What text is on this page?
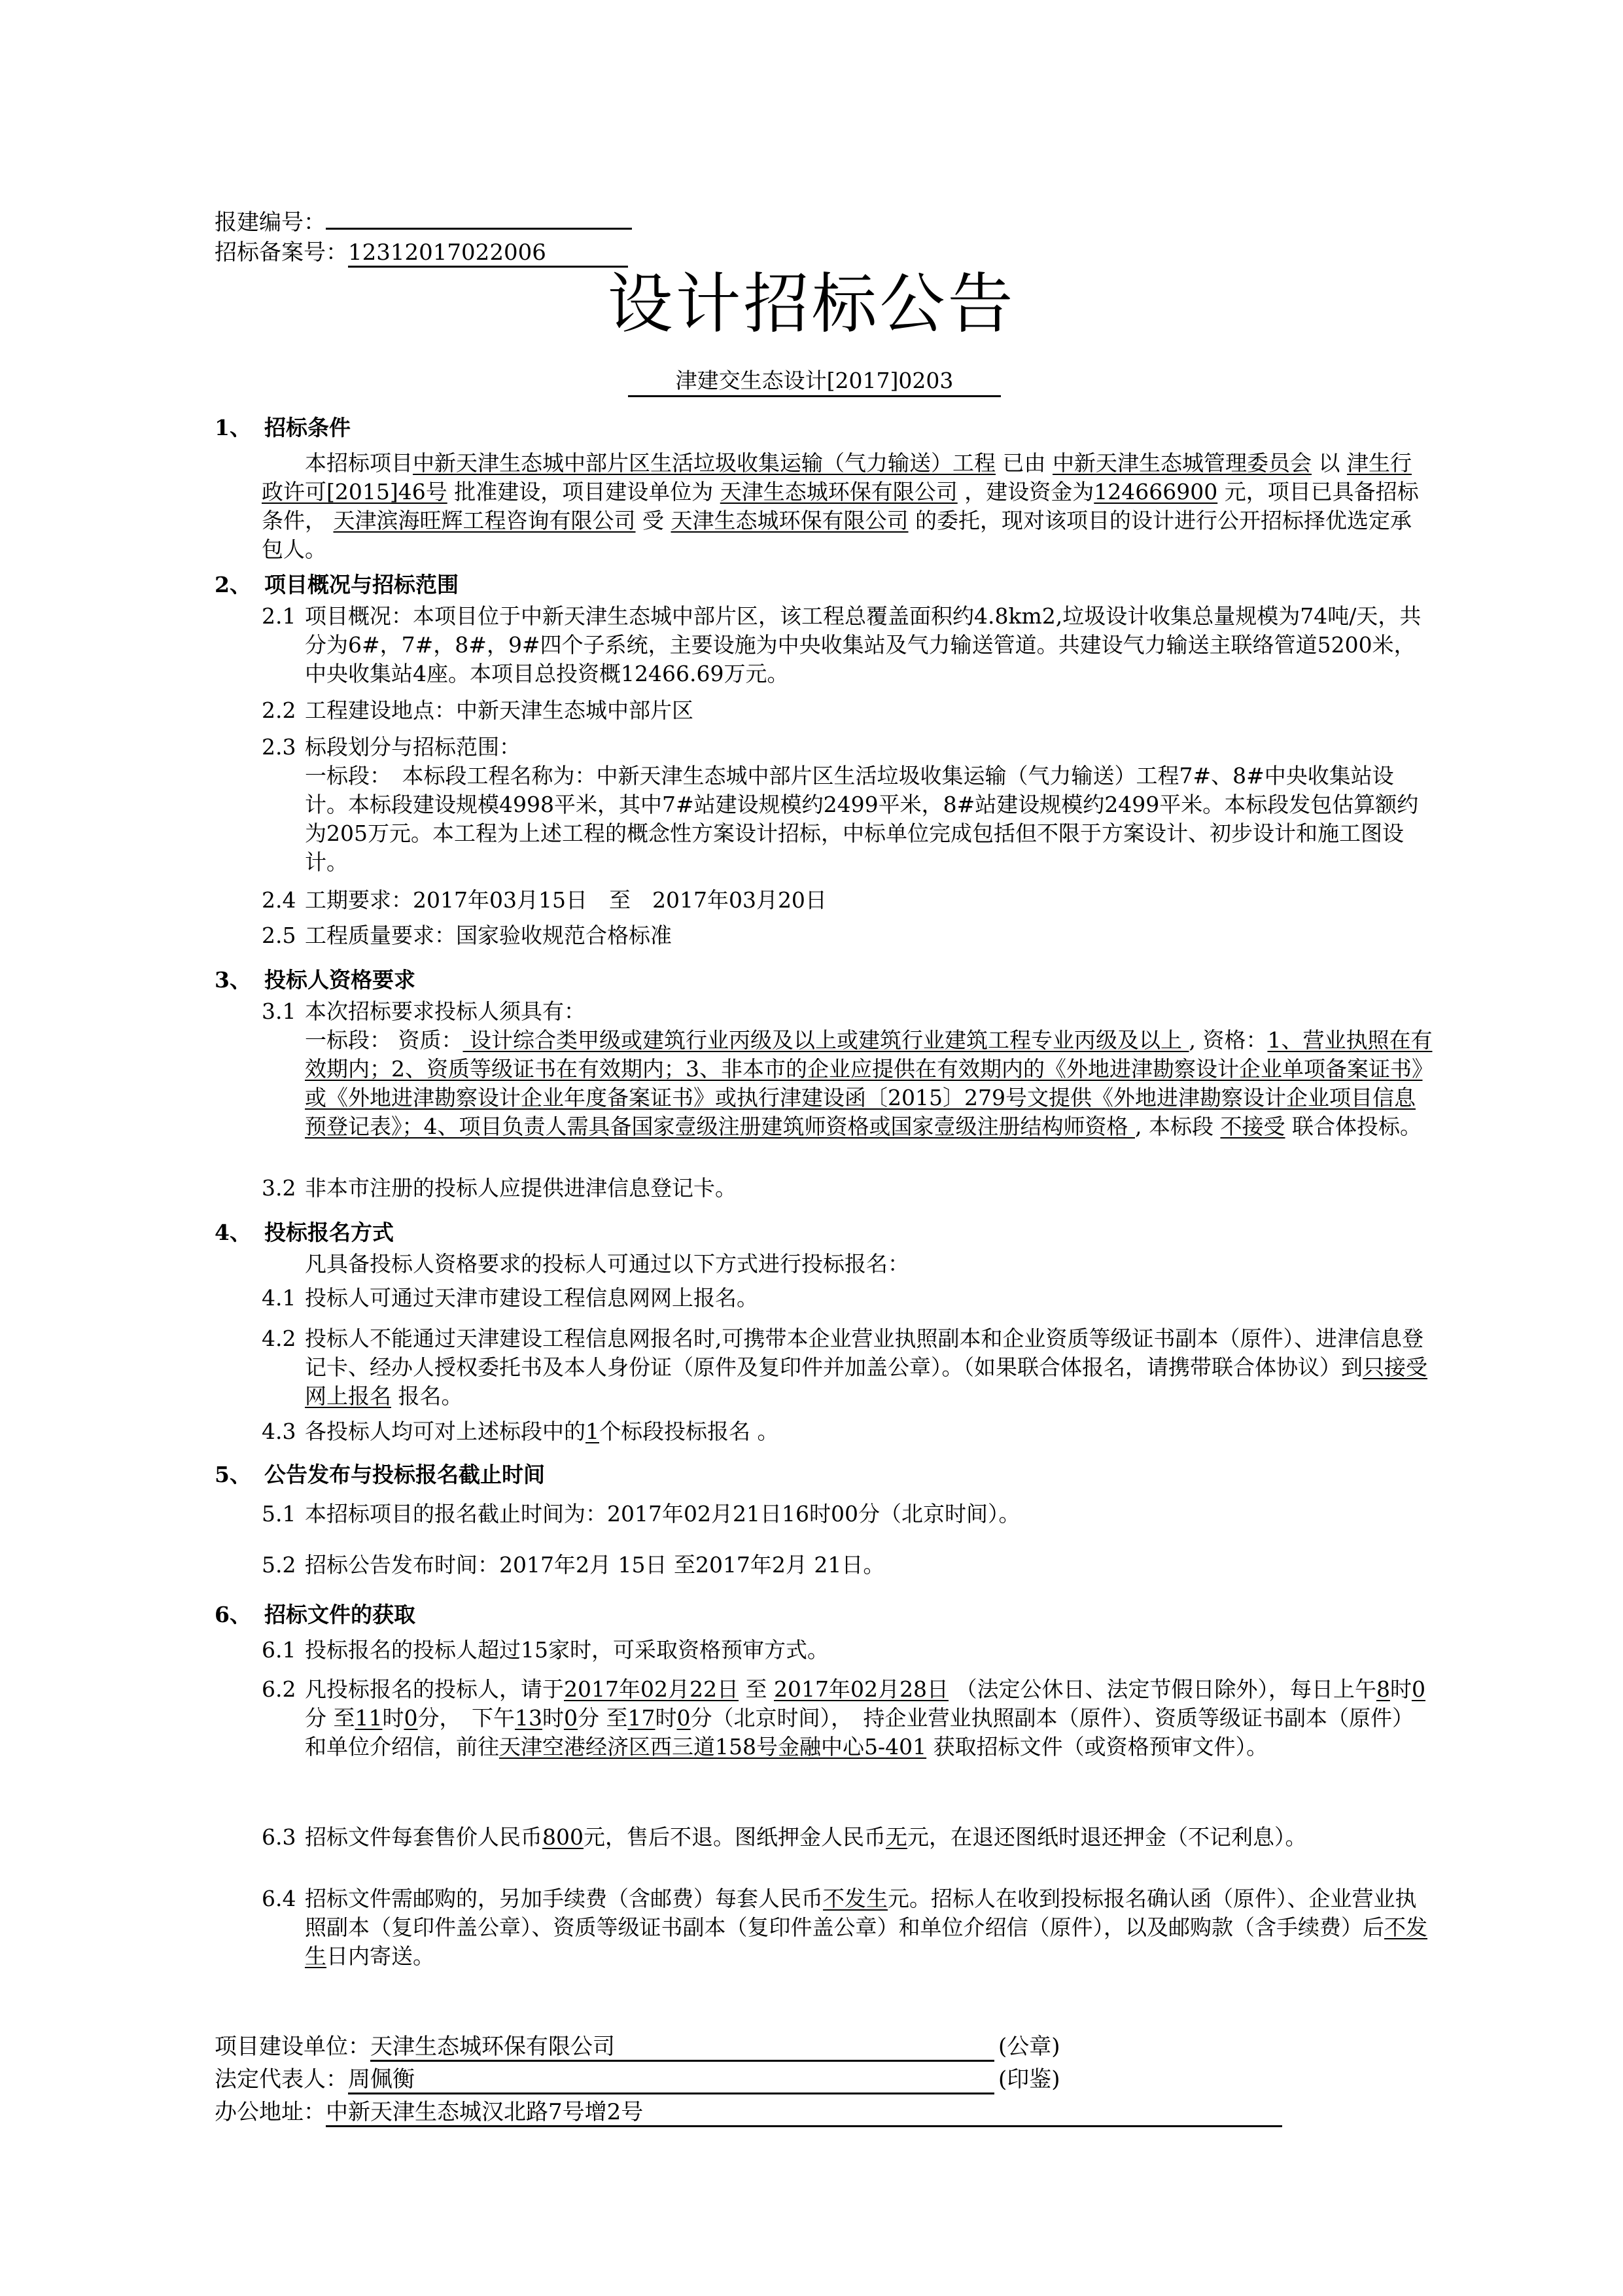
报建编号：
招标备案号：12312017022006
设计招标公告
津建交生态设计[2017]0203
1、 招标条件
本招标项目中新天津生态城中部片区生活垃圾收集运输（气力输送）工程 已由 中新天津生态城管理委员会 以 津生行政许可[2015]46号 批准建设，项目建设单位为 天津生态城环保有限公司 ，建设资金为124666900 元，项目已具备招标条件， 天津滨海旺辉工程咨询有限公司 受 天津生态城环保有限公司 的委托，现对该项目的设计进行公开招标择优选定承包人。
2、 项目概况与招标范围
2.1 项目概况：本项目位于中新天津生态城中部片区，该工程总覆盖面积约4.8km2,垃圾设计收集总量规模为74吨/天，共分为6#，7#，8#，9#四个子系统，主要设施为中央收集站及气力输送管道。共建设气力输送主联络管道5200米，中央收集站4座。本项目总投资概12466.69万元。
2.2 工程建设地点：中新天津生态城中部片区
2.3 标段划分与招标范围：
一标段：　本标段工程名称为：中新天津生态城中部片区生活垃圾收集运输（气力输送）工程7#、8#中央收集站设计。本标段建设规模4998平米，其中7#站建设规模约2499平米，8#站建设规模约2499平米。本标段发包估算额约为205万元。本工程为上述工程的概念性方案设计招标，中标单位完成包括但不限于方案设计、初步设计和施工图设计。
2.4 工期要求：2017年03月15日　至　2017年03月20日
2.5 工程质量要求：国家验收规范合格标准
3、 投标人资格要求
3.1 本次招标要求投标人须具有：
一标段： 资质： 设计综合类甲级或建筑行业丙级及以上或建筑行业建筑工程专业丙级及以上 , 资格：1、营业执照在有效期内；2、资质等级证书在有效期内；3、非本市的企业应提供在有效期内的《外地进津勘察设计企业单项备案证书》或《外地进津勘察设计企业年度备案证书》或执行津建设函〔2015〕279号文提供《外地进津勘察设计企业项目信息预登记表》；4、项目负责人需具备国家壹级注册建筑师资格或国家壹级注册结构师资格 , 本标段 不接受 联合体投标。
3.2 非本市注册的投标人应提供进津信息登记卡。
4、 投标报名方式
凡具备投标人资格要求的投标人可通过以下方式进行投标报名：
4.1 投标人可通过天津市建设工程信息网网上报名。
4.2 投标人不能通过天津建设工程信息网报名时,可携带本企业营业执照副本和企业资质等级证书副本（原件）、进津信息登记卡、经办人授权委托书及本人身份证（原件及复印件并加盖公章）。（如果联合体报名，请携带联合体协议）到只接受网上报名 报名。
4.3 各投标人均可对上述标段中的1个标段投标报名 。
5、 公告发布与投标报名截止时间
5.1 本招标项目的报名截止时间为：2017年02月21日16时00分（北京时间）。
5.2 招标公告发布时间：2017年2月 15日 至2017年2月 21日。
6、 招标文件的获取
6.1 投标报名的投标人超过15家时，可采取资格预审方式。
6.2 凡投标报名的投标人，请于2017年02月22日 至 2017年02月28日 （法定公休日、法定节假日除外），每日上午8时0分 至11时0分，　下午13时0分 至17时0分（北京时间），　持企业营业执照副本（原件）、资质等级证书副本（原件）和单位介绍信，前往天津空港经济区西三道158号金融中心5-401 获取招标文件（或资格预审文件）。
6.3 招标文件每套售价人民币800元，售后不退。图纸押金人民币无元，在退还图纸时退还押金（不记利息）。
6.4 招标文件需邮购的，另加手续费（含邮费）每套人民币不发生元。招标人在收到投标报名确认函（原件）、企业营业执照副本（复印件盖公章）、资质等级证书副本（复印件盖公章）和单位介绍信（原件），以及邮购款（含手续费）后不发生日内寄送。
项目建设单位：天津生态城环保有限公司	(公章)
法定代表人：周佩衡	(印鉴)
办公地址：中新天津生态城汉北路7号增2号
